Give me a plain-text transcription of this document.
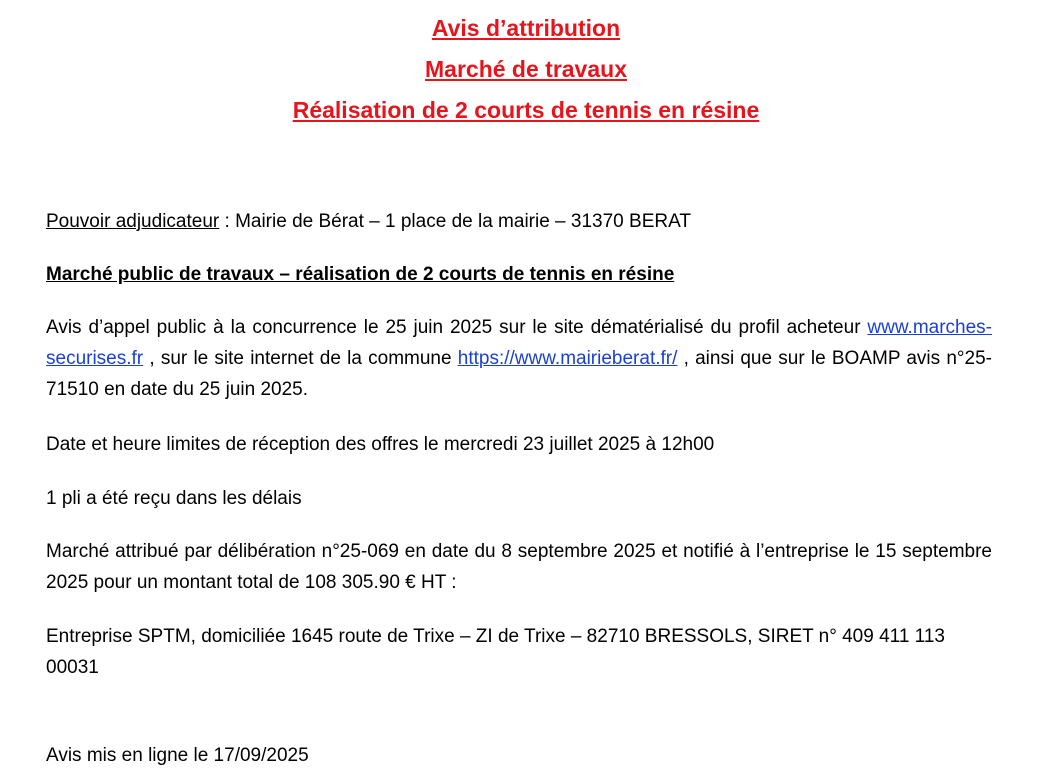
Avis d’attribution

Marché de travaux

Réalisation de 2 courts de tennis en résine

Pouvoir adjudicateur : Mairie de Bérat – 1 place de la mairie – 31370 BERAT

Marché public de travaux – réalisation de 2 courts de tennis en résine

Avis d’appel public à la concurrence le 25 juin 2025 sur le site dématérialisé du profil acheteur www.marches-securises.fr , sur le site internet de la commune https://www.mairieberat.fr/ , ainsi que sur le BOAMP avis n°25-71510 en date du 25 juin 2025.

Date et heure limites de réception des offres le mercredi 23 juillet 2025 à 12h00

1 pli a été reçu dans les délais

Marché attribué par délibération n°25-069 en date du 8 septembre 2025 et notifié à l’entreprise le 15 septembre 2025 pour un montant total de 108 305.90 € HT :

Entreprise SPTM, domiciliée 1645 route de Trixe – ZI de Trixe – 82710 BRESSOLS, SIRET n° 409 411 113 00031

Avis mis en ligne le 17/09/2025
